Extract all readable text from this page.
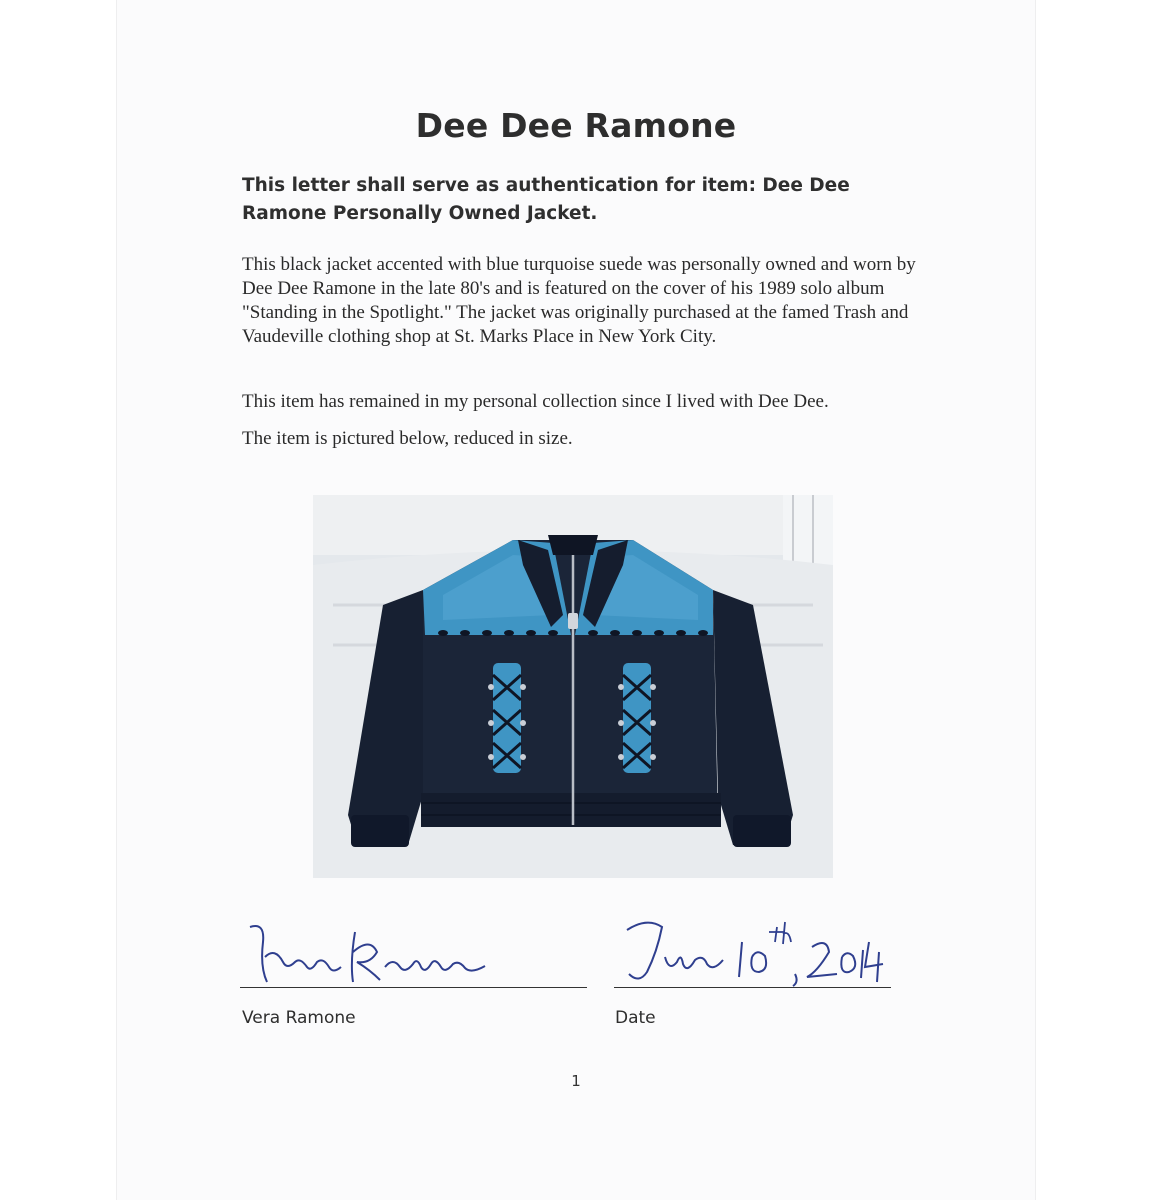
Dee Dee Ramone
This letter shall serve as authentication for item: Dee Dee Ramone Personally Owned Jacket.
This black jacket accented with blue turquoise suede was personally owned and worn by Dee Dee Ramone in the late 80's and is featured on the cover of his 1989 solo album "Standing in the Spotlight." The jacket was originally purchased at the famed Trash and Vaudeville clothing shop at St. Marks Place in New York City.
This item has remained in my personal collection since I lived with Dee Dee.
The item is pictured below, reduced in size.
Vera Ramone	Date
1
